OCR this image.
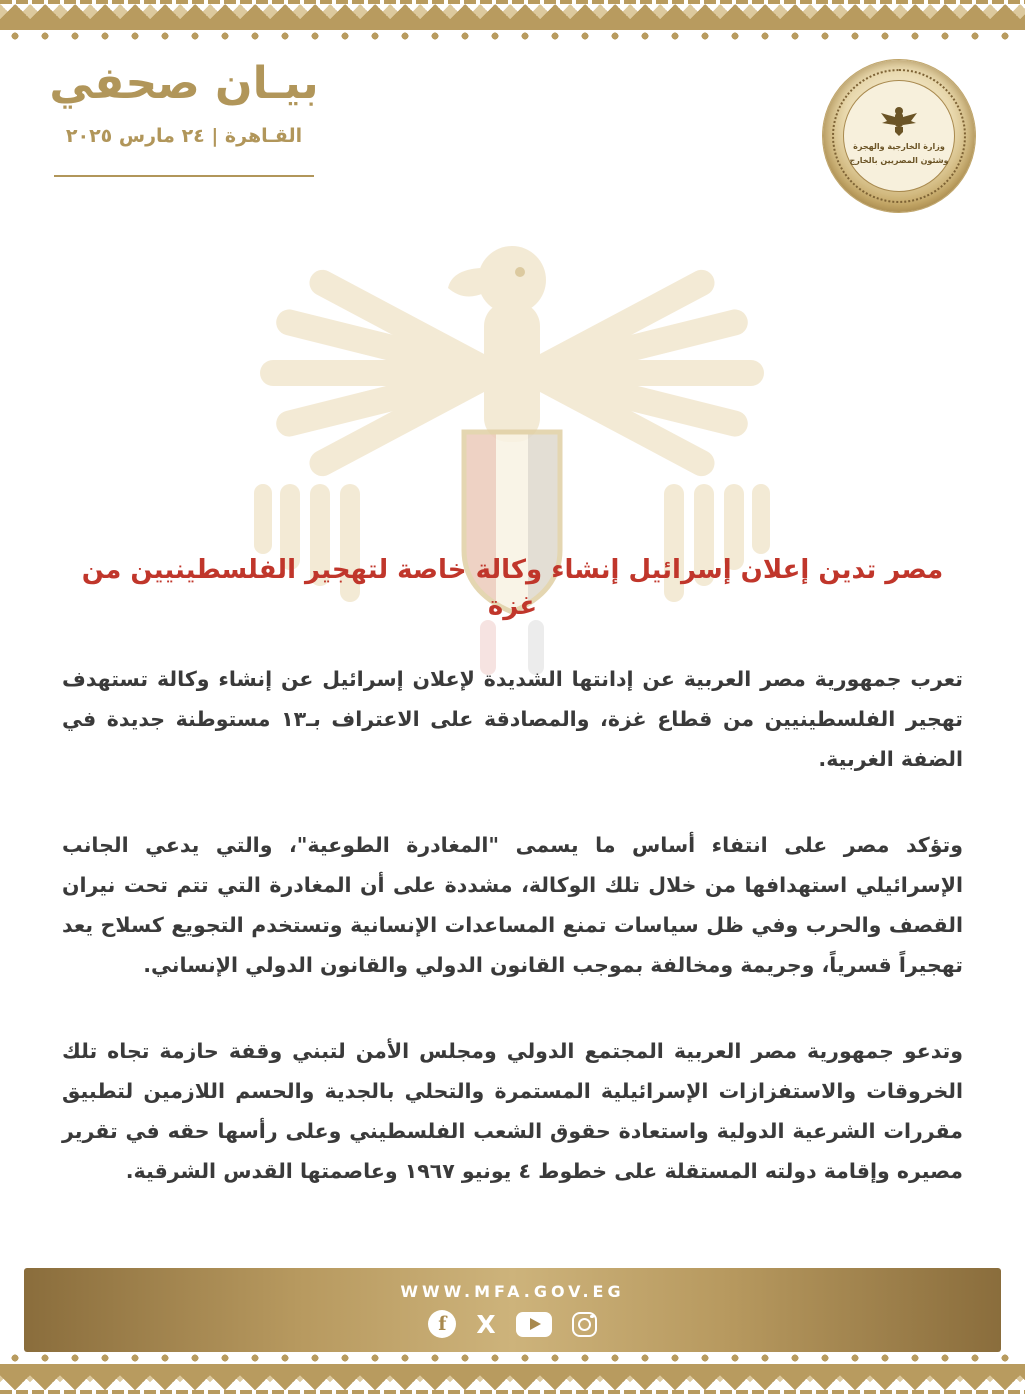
بيـان صحفي
القـاهرة | ٢٤ مارس ٢٠٢٥	وزارة الخارجية والهجرة
وشئون المصريين بالخارج
مصر تدين إعلان إسرائيل إنشاء وكالة خاصة لتهجير الفلسطينيين من غزة

تعرب جمهورية مصر العربية عن إدانتها الشديدة لإعلان إسرائيل عن إنشاء وكالة تستهدف تهجير الفلسطينيين من قطاع غزة، والمصادقة على الاعتراف بـ١٣ مستوطنة جديدة في الضفة الغربية.

وتؤكد مصر على انتفاء أساس ما يسمى "المغادرة الطوعية"، والتي يدعي الجانب الإسرائيلي استهدافها من خلال تلك الوكالة، مشددة على أن المغادرة التي تتم تحت نيران القصف والحرب وفي ظل سياسات تمنع المساعدات الإنسانية وتستخدم التجويع كسلاح يعد تهجيراً قسرياً، وجريمة ومخالفة بموجب القانون الدولي والقانون الدولي الإنساني.

وتدعو جمهورية مصر العربية المجتمع الدولي ومجلس الأمن لتبني وقفة حازمة تجاه تلك الخروقات والاستفزازات الإسرائيلية المستمرة والتحلي بالجدية والحسم اللازمين لتطبيق مقررات الشرعية الدولية واستعادة حقوق الشعب الفلسطيني وعلى رأسها حقه في تقرير مصيره وإقامة دولته المستقلة على خطوط ٤ يونيو ١٩٦٧ وعاصمتها القدس الشرقية.

WWW.MFA.GOV.EG
f	X
